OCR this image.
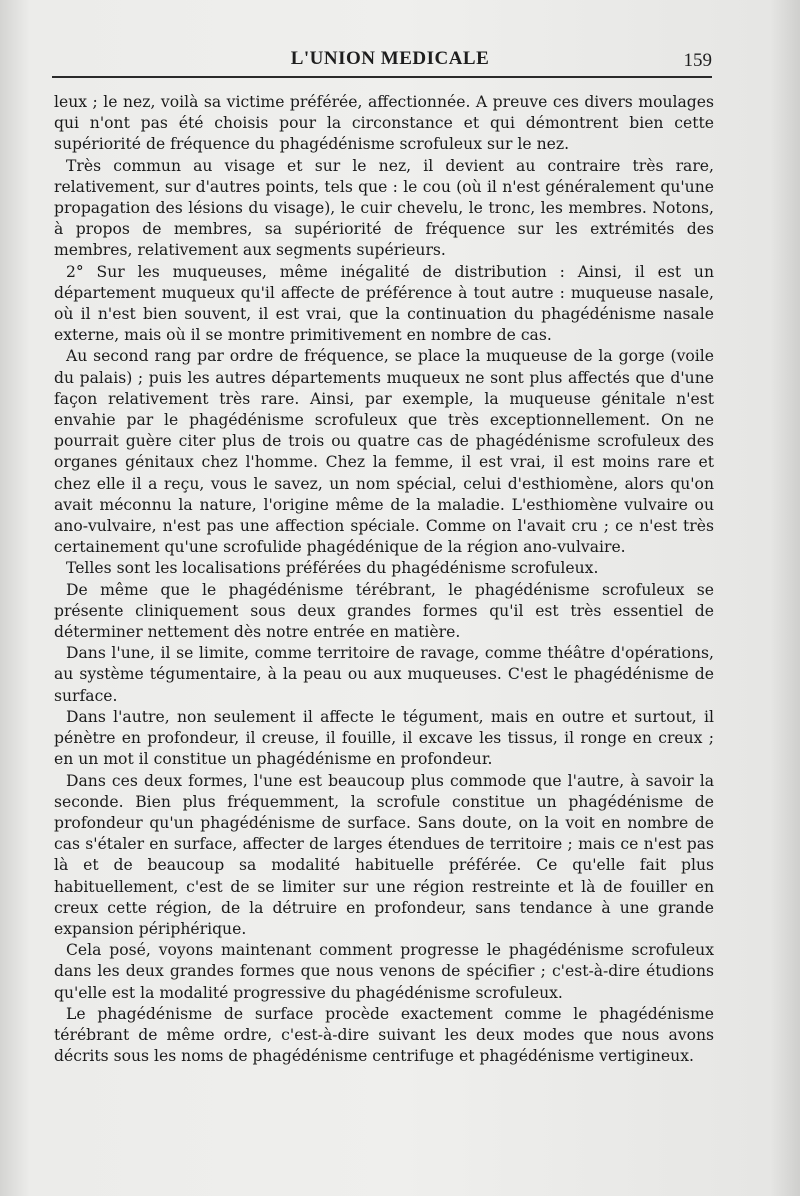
L'UNION MEDICALE	159

leux ; le nez, voilà sa victime préférée, affectionnée. A preuve ces divers moulages qui n'ont pas été choisis pour la circonstance et qui démontrent bien cette supériorité de fréquence du phagédénisme scrofuleux sur le nez.

Très commun au visage et sur le nez, il devient au contraire très rare, relativement, sur d'autres points, tels que : le cou (où il n'est généralement qu'une propagation des lésions du visage), le cuir chevelu, le tronc, les membres. Notons, à propos de membres, sa supériorité de fréquence sur les extrémités des membres, relativement aux segments supérieurs.

2° Sur les muqueuses, même inégalité de distribution : Ainsi, il est un département muqueux qu'il affecte de préférence à tout autre : muqueuse nasale, où il n'est bien souvent, il est vrai, que la continuation du phagédénisme nasale externe, mais où il se montre primitivement en nombre de cas.

Au second rang par ordre de fréquence, se place la muqueuse de la gorge (voile du palais) ; puis les autres départements muqueux ne sont plus affectés que d'une façon relativement très rare. Ainsi, par exemple, la muqueuse génitale n'est envahie par le phagédénisme scrofuleux que très exceptionnellement. On ne pourrait guère citer plus de trois ou quatre cas de phagédénisme scrofuleux des organes génitaux chez l'homme. Chez la femme, il est vrai, il est moins rare et chez elle il a reçu, vous le savez, un nom spécial, celui d'esthiomène, alors qu'on avait méconnu la nature, l'origine même de la maladie. L'esthiomène vulvaire ou ano-vulvaire, n'est pas une affection spéciale. Comme on l'avait cru ; ce n'est très certainement qu'une scrofulide phagédénique de la région ano-vulvaire.

Telles sont les localisations préférées du phagédénisme scrofuleux.

De même que le phagédénisme térébrant, le phagédénisme scrofuleux se présente cliniquement sous deux grandes formes qu'il est très essentiel de déterminer nettement dès notre entrée en matière.

Dans l'une, il se limite, comme territoire de ravage, comme théâtre d'opérations, au système tégumentaire, à la peau ou aux muqueuses. C'est le phagédénisme de surface.

Dans l'autre, non seulement il affecte le tégument, mais en outre et surtout, il pénètre en profondeur, il creuse, il fouille, il excave les tissus, il ronge en creux ; en un mot il constitue un phagédénisme en profondeur.

Dans ces deux formes, l'une est beaucoup plus commode que l'autre, à savoir la seconde. Bien plus fréquemment, la scrofule constitue un phagédénisme de profondeur qu'un phagédénisme de surface. Sans doute, on la voit en nombre de cas s'étaler en surface, affecter de larges étendues de territoire ; mais ce n'est pas là et de beaucoup sa modalité habituelle préférée. Ce qu'elle fait plus habituellement, c'est de se limiter sur une région restreinte et là de fouiller en creux cette région, de la détruire en profondeur, sans tendance à une grande expansion périphérique.

Cela posé, voyons maintenant comment progresse le phagédénisme scrofuleux dans les deux grandes formes que nous venons de spécifier ; c'est-à-dire étudions qu'elle est la modalité progressive du phagédénisme scrofuleux.

Le phagédénisme de surface procède exactement comme le phagédénisme térébrant de même ordre, c'est-à-dire suivant les deux modes que nous avons décrits sous les noms de phagédénisme centrifuge et phagédénisme vertigineux.
